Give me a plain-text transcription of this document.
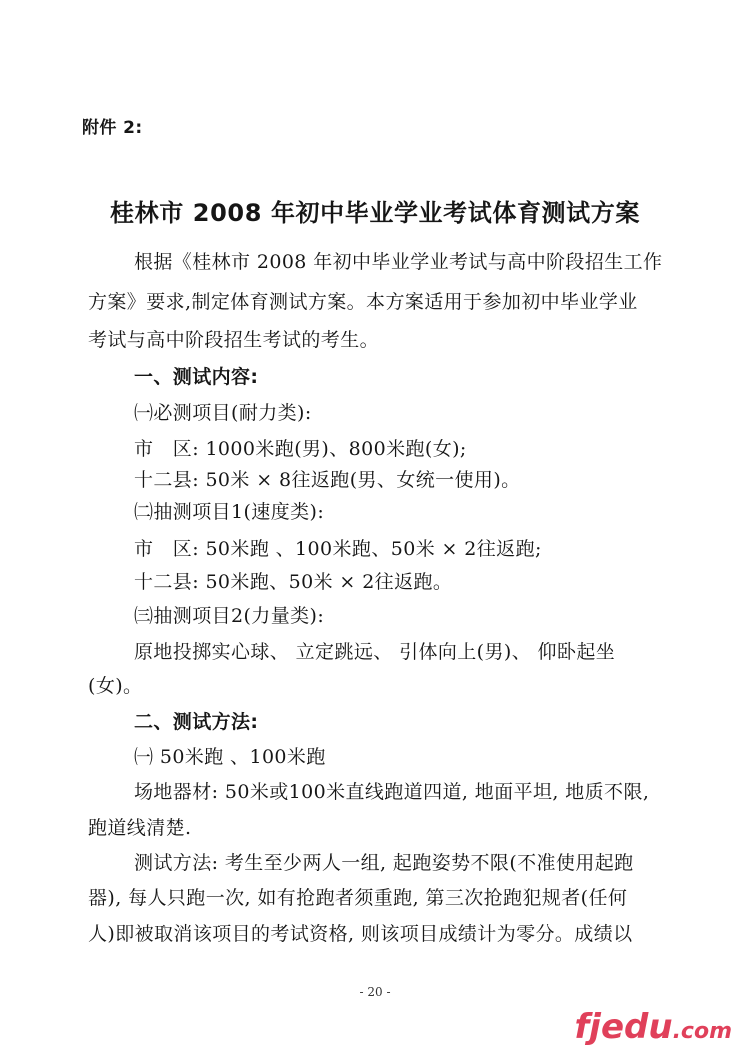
附件 2:
桂林市 2008 年初中毕业学业考试体育测试方案
根据《桂林市 2008 年初中毕业学业考试与高中阶段招生工作
方案》要求,制定体育测试方案。本方案适用于参加初中毕业学业
考试与高中阶段招生考试的考生。
一、测试内容:
㈠必测项目(耐力类):
市　区: 1000米跑(男)、800米跑(女);
十二县: 50米 × 8往返跑(男、女统一使用)。
㈡抽测项目1(速度类):
市　区: 50米跑 、100米跑、50米 × 2往返跑;
十二县: 50米跑、50米 × 2往返跑。
㈢抽测项目2(力量类):
原地投掷实心球、 立定跳远、 引体向上(男)、 仰卧起坐
(女)。
二、测试方法:
㈠ 50米跑 、100米跑
场地器材: 50米或100米直线跑道四道, 地面平坦, 地质不限,
跑道线清楚.
测试方法: 考生至少两人一组, 起跑姿势不限(不准使用起跑
器), 每人只跑一次, 如有抢跑者须重跑, 第三次抢跑犯规者(任何
人)即被取消该项目的考试资格, 则该项目成绩计为零分。成绩以
- 20 -
fjedu.com
